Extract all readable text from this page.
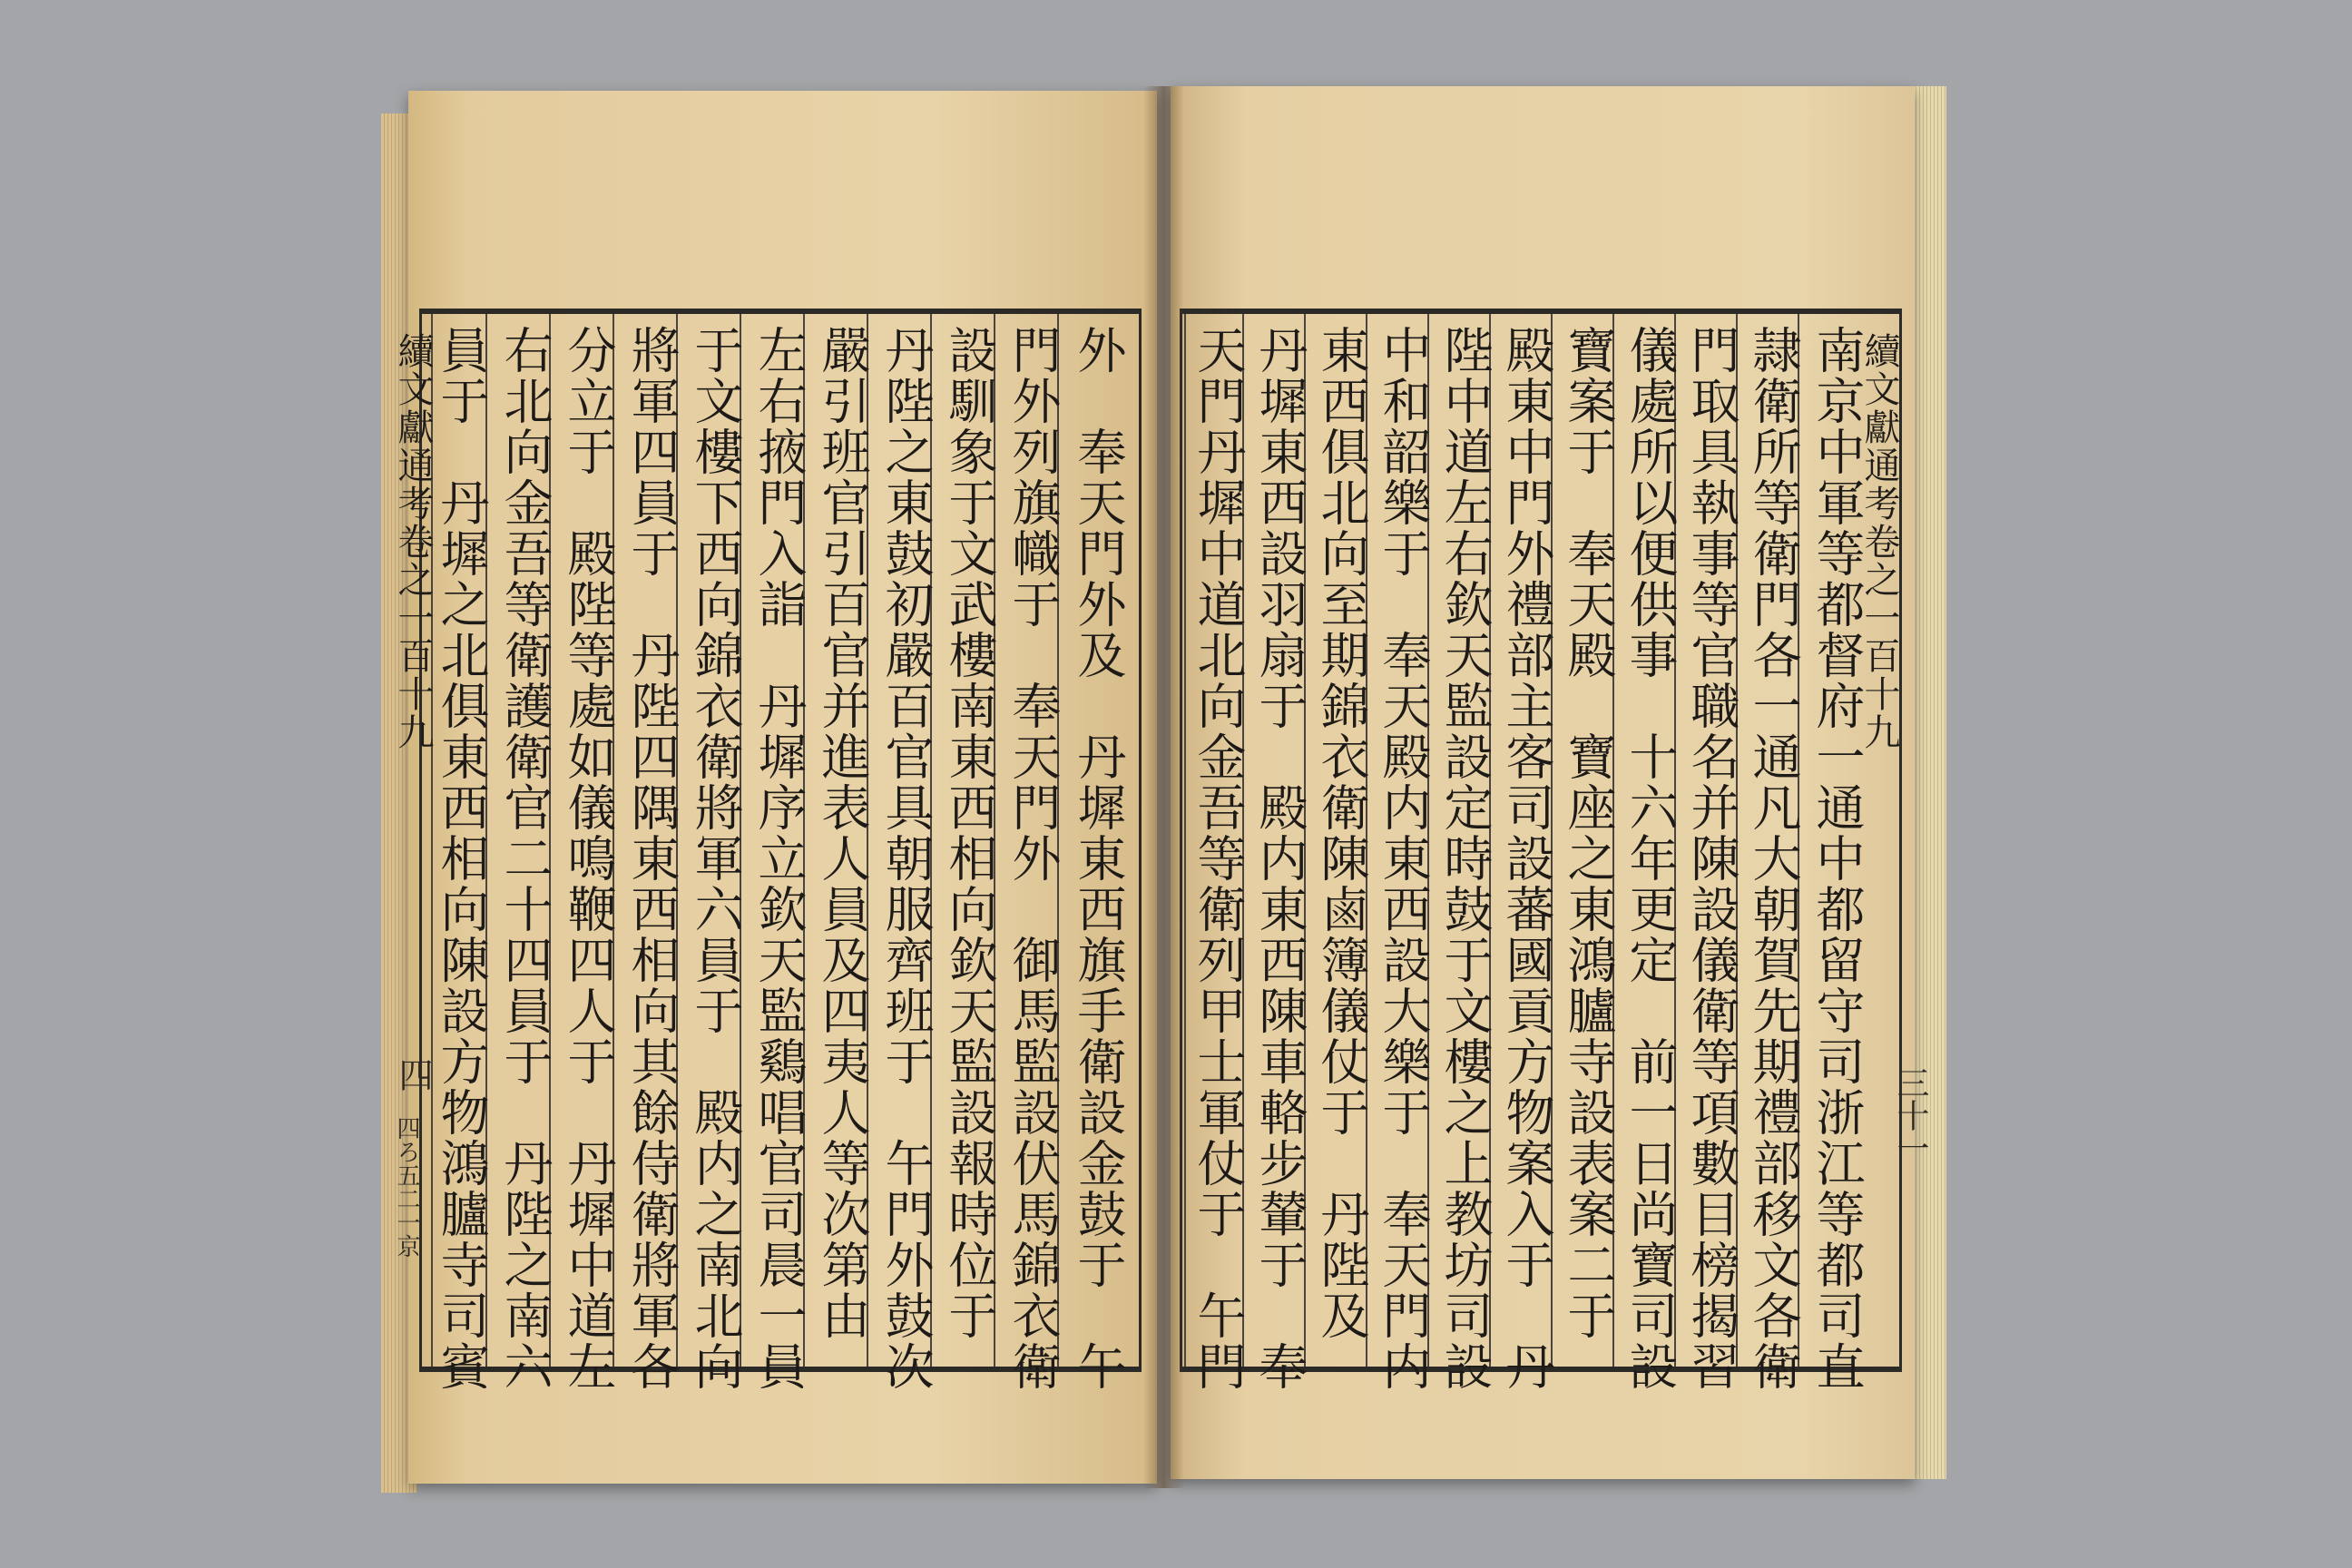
外　奉天門外及　丹墀東西旗手衛設金鼓于　午
門外列旗幟于　奉天門外　御馬監設伏馬錦衣衛
設馴象于文武樓南東西相向欽天監設報時位于
丹陛之東鼓初嚴百官具朝服齊班于　午門外鼓次
嚴引班官引百官并進表人員及四夷人等次第由
左右掖門入詣　丹墀序立欽天監鷄唱官司晨一員
于文樓下西向錦衣衛將軍六員于　殿内之南北向
將軍四員于　丹陛四隅東西相向其餘侍衛將軍各
分立于　殿陛等處如儀鳴鞭四人于　丹墀中道左
右北向金吾等衛護衛官二十四員于　丹陛之南六
員于　丹墀之北俱東西相向陳設方物鴻臚寺司賓
續文獻通考卷之一百十九
四
四ろ五二一京
續文獻通考卷之一百十九
南京中軍等都督府一通中都留守司浙江等都司直
隷衛所等衛門各一通凡大朝賀先期禮部移文各衛
門取具執事等官職名并陳設儀衛等項數目榜揭習
儀處所以便供事　十六年更定　前一日尚寶司設
寶案于　奉天殿　寶座之東鴻臚寺設表案二于
殿東中門外禮部主客司設蕃國貢方物案入于　丹
陛中道左右欽天監設定時鼓于文樓之上教坊司設
中和韶樂于　奉天殿内東西設大樂于　奉天門内
東西俱北向至期錦衣衛陳鹵簿儀仗于　丹陛及
丹墀東西設羽扇于　殿内東西陳車輅步輦于　奉
天門丹墀中道北向金吾等衛列甲士軍仗于　午門	三十一
